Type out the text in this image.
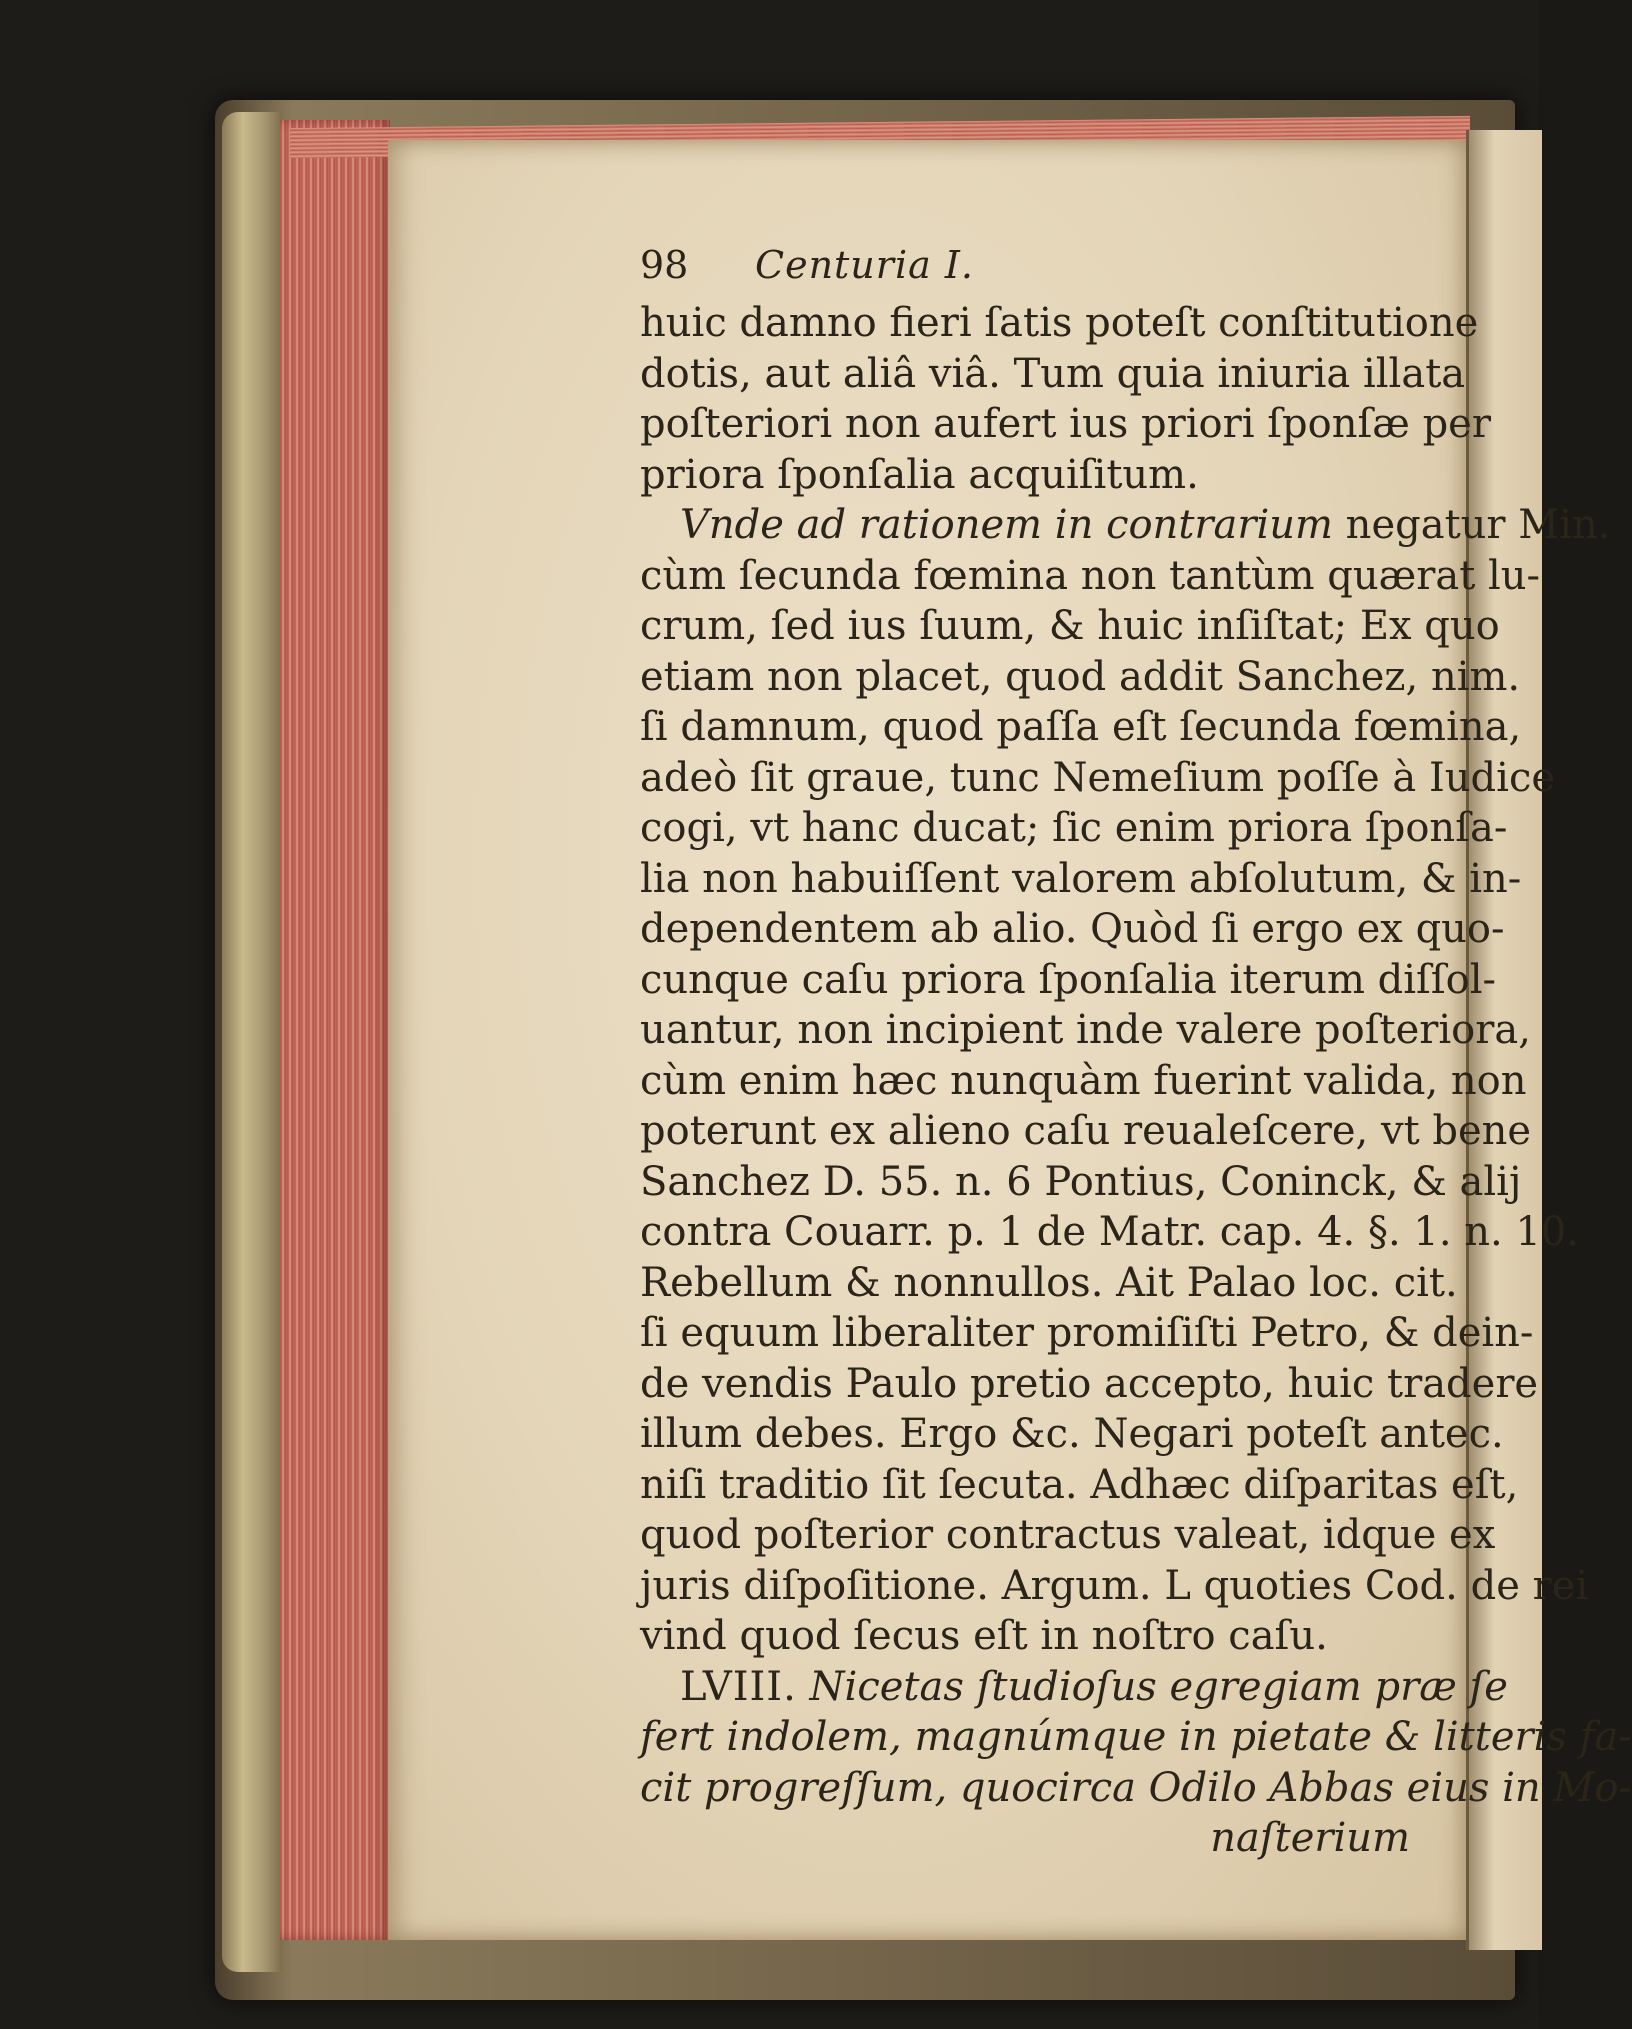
98	Centuria I.
huic damno fieri ſatis poteſt conſtitutione
dotis, aut aliâ viâ. Tum quia iniuria illata
poſteriori non aufert ius priori ſponſæ per
priora ſponſalia acquiſitum.
Vnde ad rationem in contrarium negatur Min.
cùm ſecunda fœmina non tantùm quærat lu-
crum, ſed ius ſuum, & huic inſiſtat; Ex quo
etiam non placet, quod addit Sanchez, nim.
ſi damnum, quod paſſa eſt ſecunda fœmina,
adeò ſit graue, tunc Nemeſium poſſe à Iudice
cogi, vt hanc ducat; ſic enim priora ſponſa-
lia non habuiſſent valorem abſolutum, & in-
dependentem ab alio. Quòd ſi ergo ex quo-
cunque caſu priora ſponſalia iterum diſſol-
uantur, non incipient inde valere poſteriora,
cùm enim hæc nunquàm fuerint valida, non
poterunt ex alieno caſu reualeſcere, vt bene
Sanchez D. 55. n. 6 Pontius, Coninck, & alij
contra Couarr. p. 1 de Matr. cap. 4. §. 1. n. 10.
Rebellum & nonnullos. Ait Palao loc. cit.
ſi equum liberaliter promiſiſti Petro, & dein-
de vendis Paulo pretio accepto, huic tradere
illum debes. Ergo &c. Negari poteſt antec.
niſi traditio ſit ſecuta. Adhæc diſparitas eſt,
quod poſterior contractus valeat, idque ex
juris diſpoſitione. Argum. L quoties Cod. de rei
vind quod ſecus eſt in noſtro caſu.
LVIII. Nicetas ſtudioſus egregiam præ ſe
fert indolem, magnúmque in pietate & litteris fa-
cit progreſſum, quocirca Odilo Abbas eius in Mo-
naſterium
